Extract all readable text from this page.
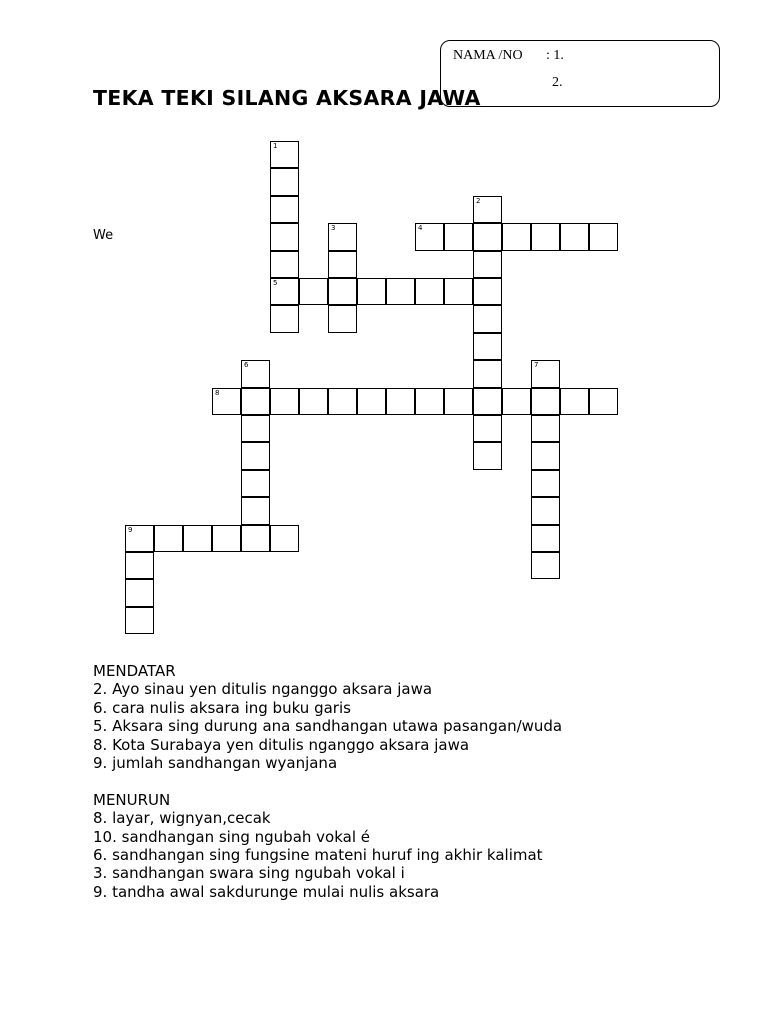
NAMA /NO : 1.
2.
TEKA TEKI SILANG AKSARA JAWA
We
1
5
2
3	4
6	7
8
9
MENDATAR
2. Ayo sinau yen ditulis nganggo aksara jawa
6. cara nulis aksara ing buku garis
5. Aksara sing durung ana sandhangan utawa pasangan/wuda
8. Kota Surabaya yen ditulis nganggo aksara jawa
9. jumlah sandhangan wyanjana
MENURUN
8. layar, wignyan,cecak
10. sandhangan sing ngubah vokal é
6. sandhangan sing fungsine mateni huruf ing akhir kalimat
3. sandhangan swara sing ngubah vokal i
9. tandha awal sakdurunge mulai nulis aksara
